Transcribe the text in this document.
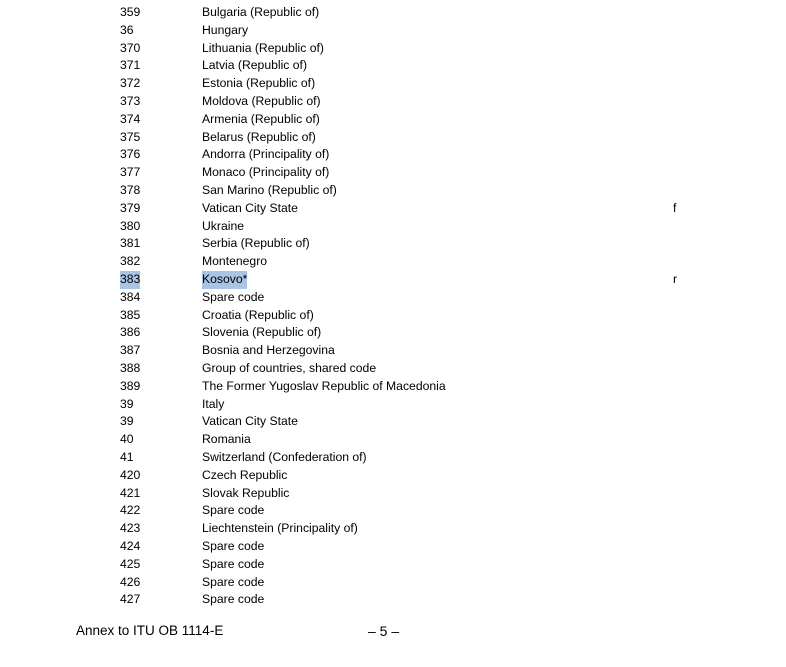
359	Bulgaria (Republic of)
36	Hungary
370	Lithuania (Republic of)
371	Latvia (Republic of)
372	Estonia (Republic of)
373	Moldova (Republic of)
374	Armenia (Republic of)
375	Belarus (Republic of)
376	Andorra (Principality of)
377	Monaco (Principality of)
378	San Marino (Republic of)
379	Vatican City State	f
380	Ukraine
381	Serbia (Republic of)
382	Montenegro
383	Kosovo*	r
384	Spare code
385	Croatia (Republic of)
386	Slovenia (Republic of)
387	Bosnia and Herzegovina
388	Group of countries, shared code
389	The Former Yugoslav Republic of Macedonia
39	Italy
39	Vatican City State
40	Romania
41	Switzerland (Confederation of)
420	Czech Republic
421	Slovak Republic
422	Spare code
423	Liechtenstein (Principality of)
424	Spare code
425	Spare code
426	Spare code
427	Spare code
Annex to ITU OB 1114-E	– 5 –
